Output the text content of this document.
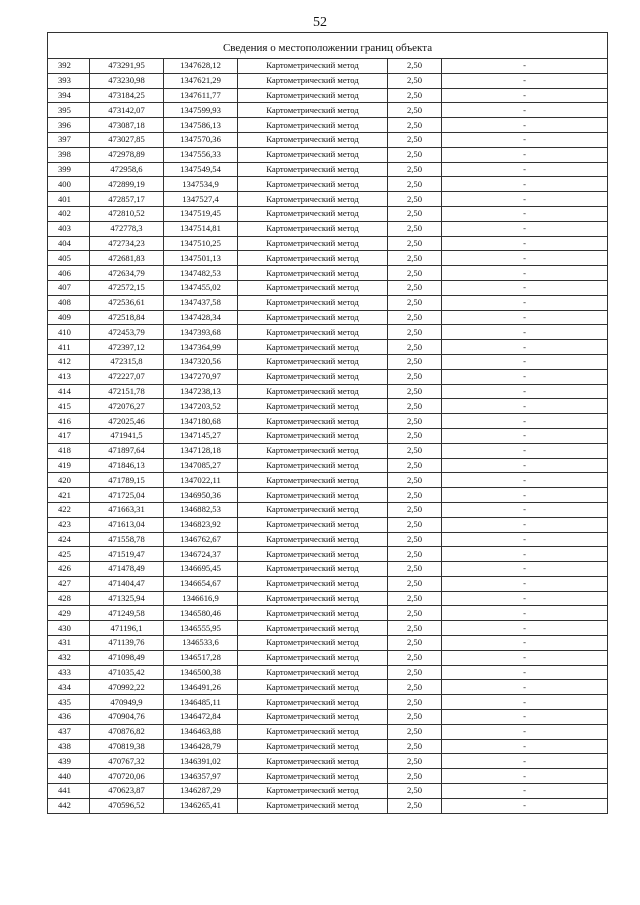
52

Сведения о местоположении границ объекта					
392	473291,95	1347628,12	Картометрический метод	2,50	-
393	473230,98	1347621,29	Картометрический метод	2,50	-
394	473184,25	1347611,77	Картометрический метод	2,50	-
395	473142,07	1347599,93	Картометрический метод	2,50	-
396	473087,18	1347586,13	Картометрический метод	2,50	-
397	473027,85	1347570,36	Картометрический метод	2,50	-
398	472978,89	1347556,33	Картометрический метод	2,50	-
399	472958,6	1347549,54	Картометрический метод	2,50	-
400	472899,19	1347534,9	Картометрический метод	2,50	-
401	472857,17	1347527,4	Картометрический метод	2,50	-
402	472810,52	1347519,45	Картометрический метод	2,50	-
403	472778,3	1347514,81	Картометрический метод	2,50	-
404	472734,23	1347510,25	Картометрический метод	2,50	-
405	472681,83	1347501,13	Картометрический метод	2,50	-
406	472634,79	1347482,53	Картометрический метод	2,50	-
407	472572,15	1347455,02	Картометрический метод	2,50	-
408	472536,61	1347437,58	Картометрический метод	2,50	-
409	472518,84	1347428,34	Картометрический метод	2,50	-
410	472453,79	1347393,68	Картометрический метод	2,50	-
411	472397,12	1347364,99	Картометрический метод	2,50	-
412	472315,8	1347320,56	Картометрический метод	2,50	-
413	472227,07	1347270,97	Картометрический метод	2,50	-
414	472151,78	1347238,13	Картометрический метод	2,50	-
415	472076,27	1347203,52	Картометрический метод	2,50	-
416	472025,46	1347180,68	Картометрический метод	2,50	-
417	471941,5	1347145,27	Картометрический метод	2,50	-
418	471897,64	1347128,18	Картометрический метод	2,50	-
419	471846,13	1347085,27	Картометрический метод	2,50	-
420	471789,15	1347022,11	Картометрический метод	2,50	-
421	471725,04	1346950,36	Картометрический метод	2,50	-
422	471663,31	1346882,53	Картометрический метод	2,50	-
423	471613,04	1346823,92	Картометрический метод	2,50	-
424	471558,78	1346762,67	Картометрический метод	2,50	-
425	471519,47	1346724,37	Картометрический метод	2,50	-
426	471478,49	1346695,45	Картометрический метод	2,50	-
427	471404,47	1346654,67	Картометрический метод	2,50	-
428	471325,94	1346616,9	Картометрический метод	2,50	-
429	471249,58	1346580,46	Картометрический метод	2,50	-
430	471196,1	1346555,95	Картометрический метод	2,50	-
431	471139,76	1346533,6	Картометрический метод	2,50	-
432	471098,49	1346517,28	Картометрический метод	2,50	-
433	471035,42	1346500,38	Картометрический метод	2,50	-
434	470992,22	1346491,26	Картометрический метод	2,50	-
435	470949,9	1346485,11	Картометрический метод	2,50	-
436	470904,76	1346472,84	Картометрический метод	2,50	-
437	470876,82	1346463,88	Картометрический метод	2,50	-
438	470819,38	1346428,79	Картометрический метод	2,50	-
439	470767,32	1346391,02	Картометрический метод	2,50	-
440	470720,06	1346357,97	Картометрический метод	2,50	-
441	470623,87	1346287,29	Картометрический метод	2,50	-
442	470596,52	1346265,41	Картометрический метод	2,50	-
